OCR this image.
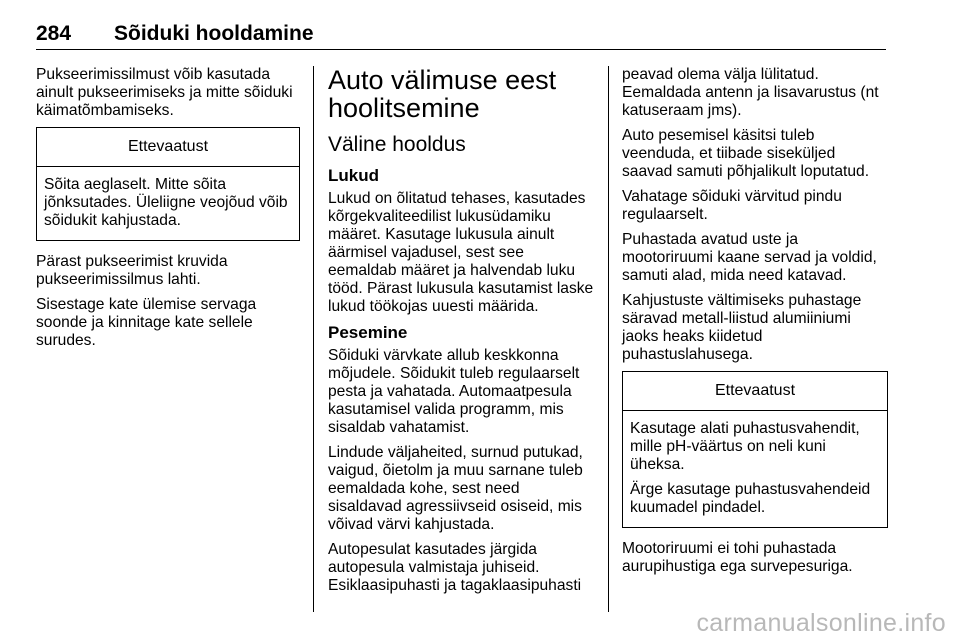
284 Sõiduki hooldamine

Pukseerimissilmust võib kasutada ainult pukseerimiseks ja mitte sõiduki käimatõmbamiseks.

Ettevaatust

Sõita aeglaselt. Mitte sõita jõnksutades. Üleliigne veojõud võib sõidukit kahjustada.

Pärast pukseerimist kruvida pukseerimissilmus lahti.

Sisestage kate ülemise servaga soonde ja kinnitage kate sellele surudes.

Auto välimuse eest hoolitsemine
Väline hooldus
Lukud

Lukud on õlitatud tehases, kasutades kõrgekvaliteedilist lukusüdamiku määret. Kasutage lukusula ainult äärmisel vajadusel, sest see eemaldab määret ja halvendab luku tööd. Pärast lukusula kasutamist laske lukud töökojas uuesti määrida.

Pesemine

Sõiduki värvkate allub keskkonna mõjudele. Sõidukit tuleb regulaarselt pesta ja vahatada. Automaatpesula kasutamisel valida programm, mis sisaldab vahatamist.

Lindude väljaheited, surnud putukad, vaigud, õietolm ja muu sarnane tuleb eemaldada kohe, sest need sisaldavad agressiivseid osiseid, mis võivad värvi kahjustada.

Autopesulat kasutades järgida autopesula valmistaja juhiseid. Esiklaasipuhasti ja tagaklaasipuhasti

peavad olema välja lülitatud. Eemaldada antenn ja lisavarustus (nt katuseraam jms).

Auto pesemisel käsitsi tuleb veenduda, et tiibade siseküljed saavad samuti põhjalikult loputatud.

Vahatage sõiduki värvitud pindu regulaarselt.

Puhastada avatud uste ja mootoriruumi kaane servad ja voldid, samuti alad, mida need katavad.

Kahjustuste vältimiseks puhastage säravad metall-liistud alumiiniumi jaoks heaks kiidetud puhastuslahusega.

Ettevaatust

Kasutage alati puhastusvahendit, mille pH-väärtus on neli kuni üheksa.

Ärge kasutage puhastusvahendeid kuumadel pindadel.

Mootoriruumi ei tohi puhastada aurupihustiga ega survepesuriga.

carmanualsonline.info
